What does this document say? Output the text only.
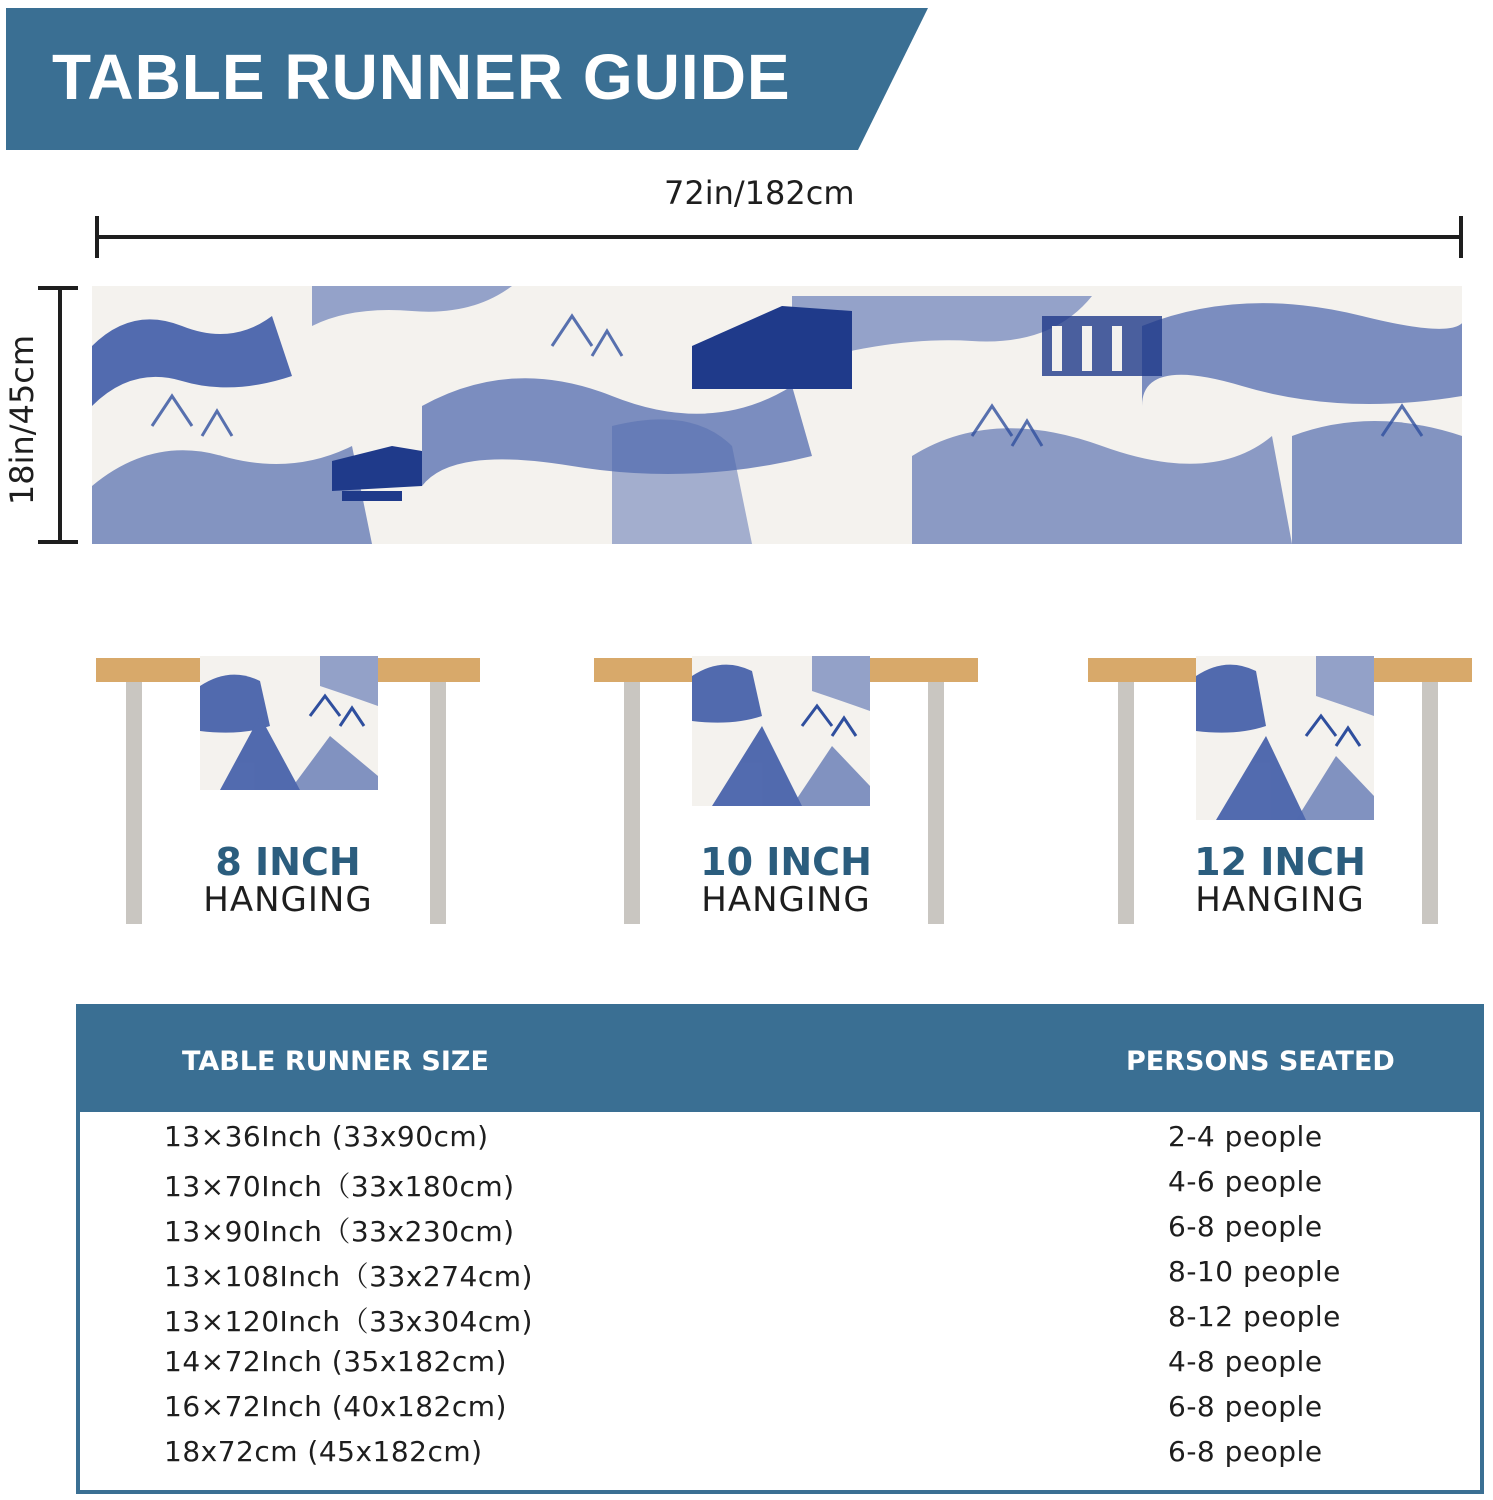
TABLE RUNNER GUIDE
72in/182cm
18in/45cm
8 INCH
HANGING
10 INCH
HANGING
12 INCH
HANGING
TABLE RUNNER SIZE	PERSONS SEATED
13×36Inch (33x90cm)	2-4 people
13×70Inch（33x180cm)	4-6 people
13×90Inch（33x230cm)	6-8 people
13×108Inch（33x274cm)	8-10 people
13×120Inch（33x304cm)	8-12 people
14×72Inch (35x182cm)	4-8 people
16×72Inch (40x182cm)	6-8 people
18x72cm (45x182cm)	6-8 people
